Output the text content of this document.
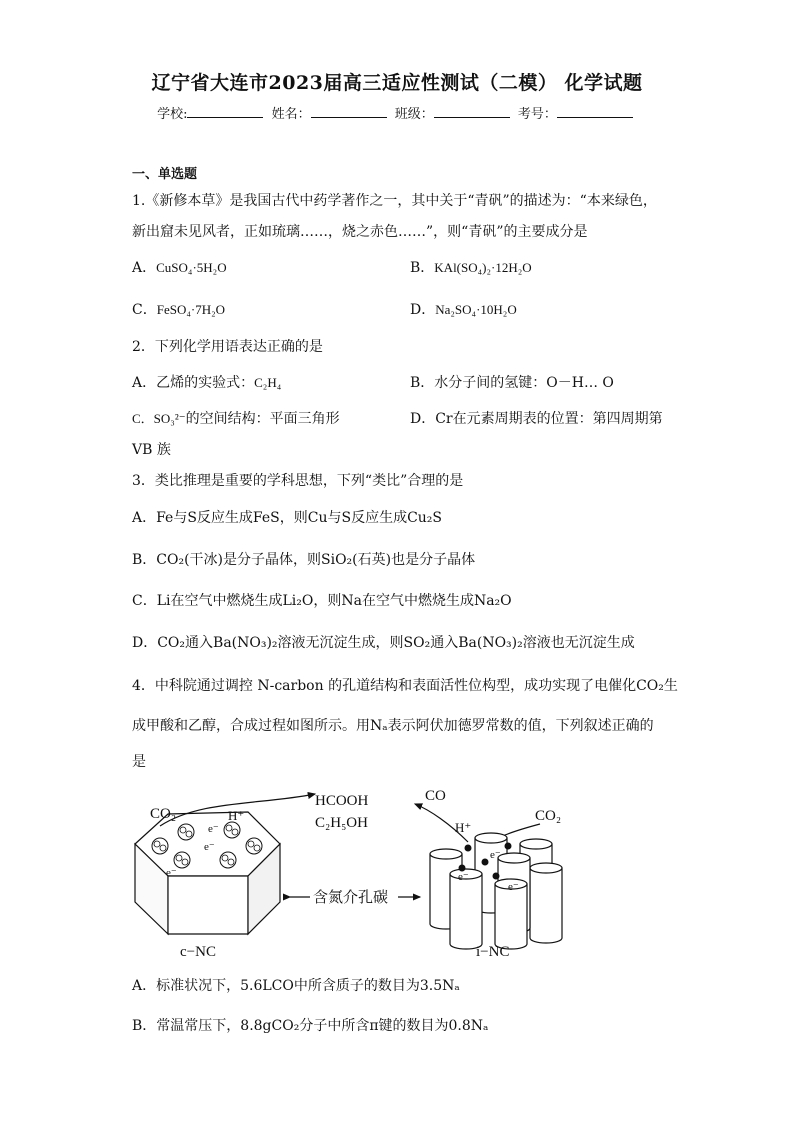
辽宁省大连市2023届高三适应性测试（二模） 化学试题
学校:	姓名：	班级：	考号：
一、单选题
1.《新修本草》是我国古代中药学著作之一，其中关于“青矾”的描述为：“本来绿色，
新出窟未见风者，正如琉璃……，烧之赤色……”，则“青矾”的主要成分是
A．CuSO₄·5H₂O	B．KAl(SO₄)₂·12H₂O
C．FeSO₄·7H₂O	D．Na₂SO₄·10H₂O
2．下列化学用语表达正确的是
A．乙烯的实验式：C₂H₄	B．水分子间的氢键：O－H… O
C．SO₃²⁻的空间结构：平面三角形	D．Cr在元素周期表的位置：第四周期第
VB 族
3．类比推理是重要的学科思想，下列“类比”合理的是
A．Fe与S反应生成FeS，则Cu与S反应生成Cu₂S
B．CO₂(干冰)是分子晶体，则SiO₂(石英)也是分子晶体
C．Li在空气中燃烧生成Li₂O，则Na在空气中燃烧生成Na₂O
D．CO₂通入Ba(NO₃)₂溶液无沉淀生成，则SO₂通入Ba(NO₃)₂溶液也无沉淀生成
4．中科院通过调控 N-carbon 的孔道结构和表面活性位构型，成功实现了电催化CO₂生
成甲酸和乙醇，合成过程如图所示。用Nₐ表示阿伏加德罗常数的值，下列叙述正确的
是
e⁻
e⁻
e⁻
CO₂	H⁺
HCOOH
C₂H₅OH
CO
H⁺
CO₂
e⁻
e⁻
e⁻
含氮介孔碳
c−NC	i−NC
A．标准状况下，5.6LCO中所含质子的数目为3.5Nₐ
B．常温常压下，8.8gCO₂分子中所含π键的数目为0.8Nₐ
